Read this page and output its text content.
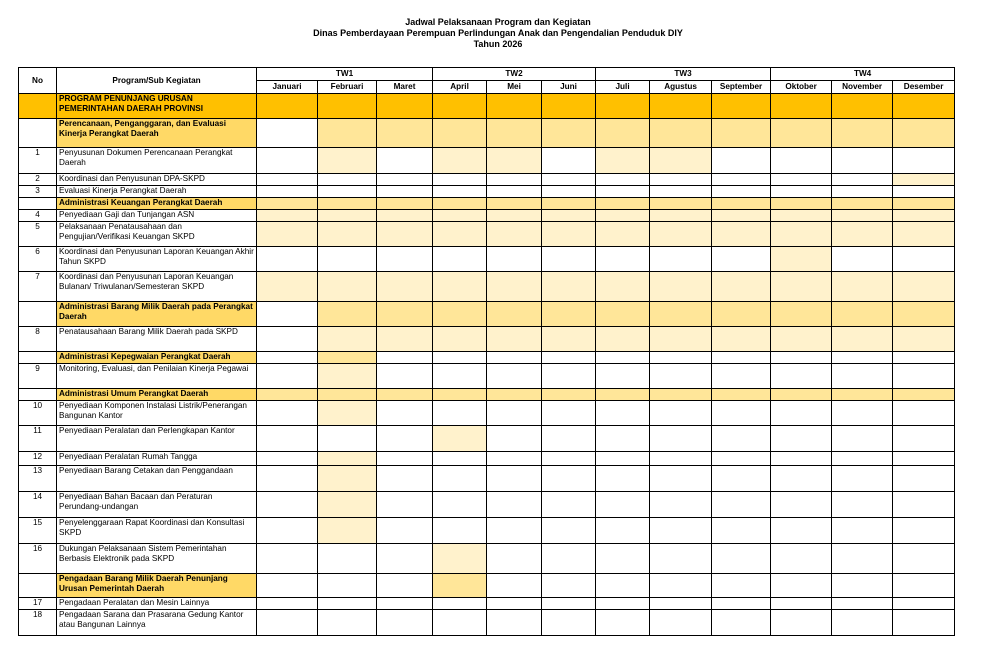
Jadwal Pelaksanaan Program dan Kegiatan
Dinas Pemberdayaan Perempuan Perlindungan Anak dan Pengendalian Penduduk DIY
Tahun 2026
No	Program/Sub Kegiatan	TW1			TW2			TW3			TW4		
		Januari	Februari	Maret	April	Mei	Juni	Juli	Agustus	September	Oktober	November	Desember
	PROGRAM PENUNJANG URUSAN PEMERINTAHAN DAERAH PROVINSI												
	Perencanaan, Penganggaran, dan Evaluasi Kinerja Perangkat Daerah												
1	Penyusunan Dokumen Perencanaan Perangkat Daerah												
2	Koordinasi dan Penyusunan DPA-SKPD												
3	Evaluasi Kinerja Perangkat Daerah												
	Administrasi Keuangan Perangkat Daerah												
4	Penyediaan Gaji dan Tunjangan ASN												
5	Pelaksanaan Penatausahaan dan Pengujian/Verifikasi Keuangan SKPD												
6	Koordinasi dan Penyusunan Laporan Keuangan Akhir Tahun SKPD												
7	Koordinasi dan Penyusunan Laporan Keuangan Bulanan/ Triwulanan/Semesteran SKPD												
	Administrasi Barang Milik Daerah pada Perangkat Daerah												
8	Penatausahaan Barang Milik Daerah pada SKPD												
	Administrasi Kepegwaian Perangkat Daerah												
9	Monitoring, Evaluasi, dan Penilaian Kinerja Pegawai												
	Administrasi Umum Perangkat Daerah												
10	Penyediaan Komponen Instalasi Listrik/Penerangan Bangunan Kantor												
11	Penyediaan Peralatan dan Perlengkapan Kantor												
12	Penyediaan Peralatan Rumah Tangga												
13	Penyediaan Barang Cetakan dan Penggandaan												
14	Penyediaan Bahan Bacaan dan Peraturan Perundang-undangan												
15	Penyelenggaraan Rapat Koordinasi dan Konsultasi SKPD												
16	Dukungan Pelaksanaan Sistem Pemerintahan Berbasis Elektronik pada SKPD												
	Pengadaan Barang Milik Daerah Penunjang Urusan Pemerintah Daerah												
17	Pengadaan Peralatan dan Mesin Lainnya												
18	Pengadaan Sarana dan Prasarana Gedung Kantor atau Bangunan Lainnya												
